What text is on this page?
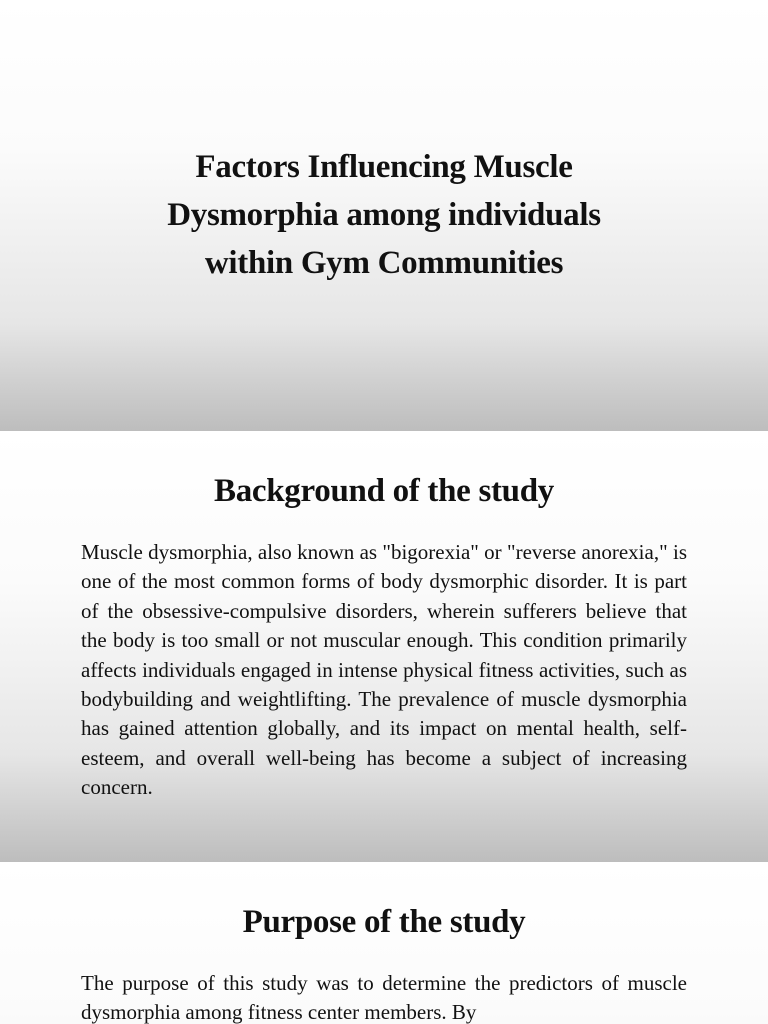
Factors Influencing Muscle
Dysmorphia among individuals
within Gym Communities
Background of the study

Muscle dysmorphia, also known as "bigorexia" or "reverse anorexia," is one of the most common forms of body dysmorphic disorder. It is part of the obsessive-compulsive disorders, wherein sufferers believe that the body is too small or not muscular enough. This condition primarily affects individuals engaged in intense physical fitness activities, such as bodybuilding and weightlifting. The prevalence of muscle dysmorphia has gained attention globally, and its impact on mental health, self-esteem, and overall well-being has become a subject of increasing concern.

Purpose of the study

The purpose of this study was to determine the predictors of muscle dysmorphia among fitness center members. By
